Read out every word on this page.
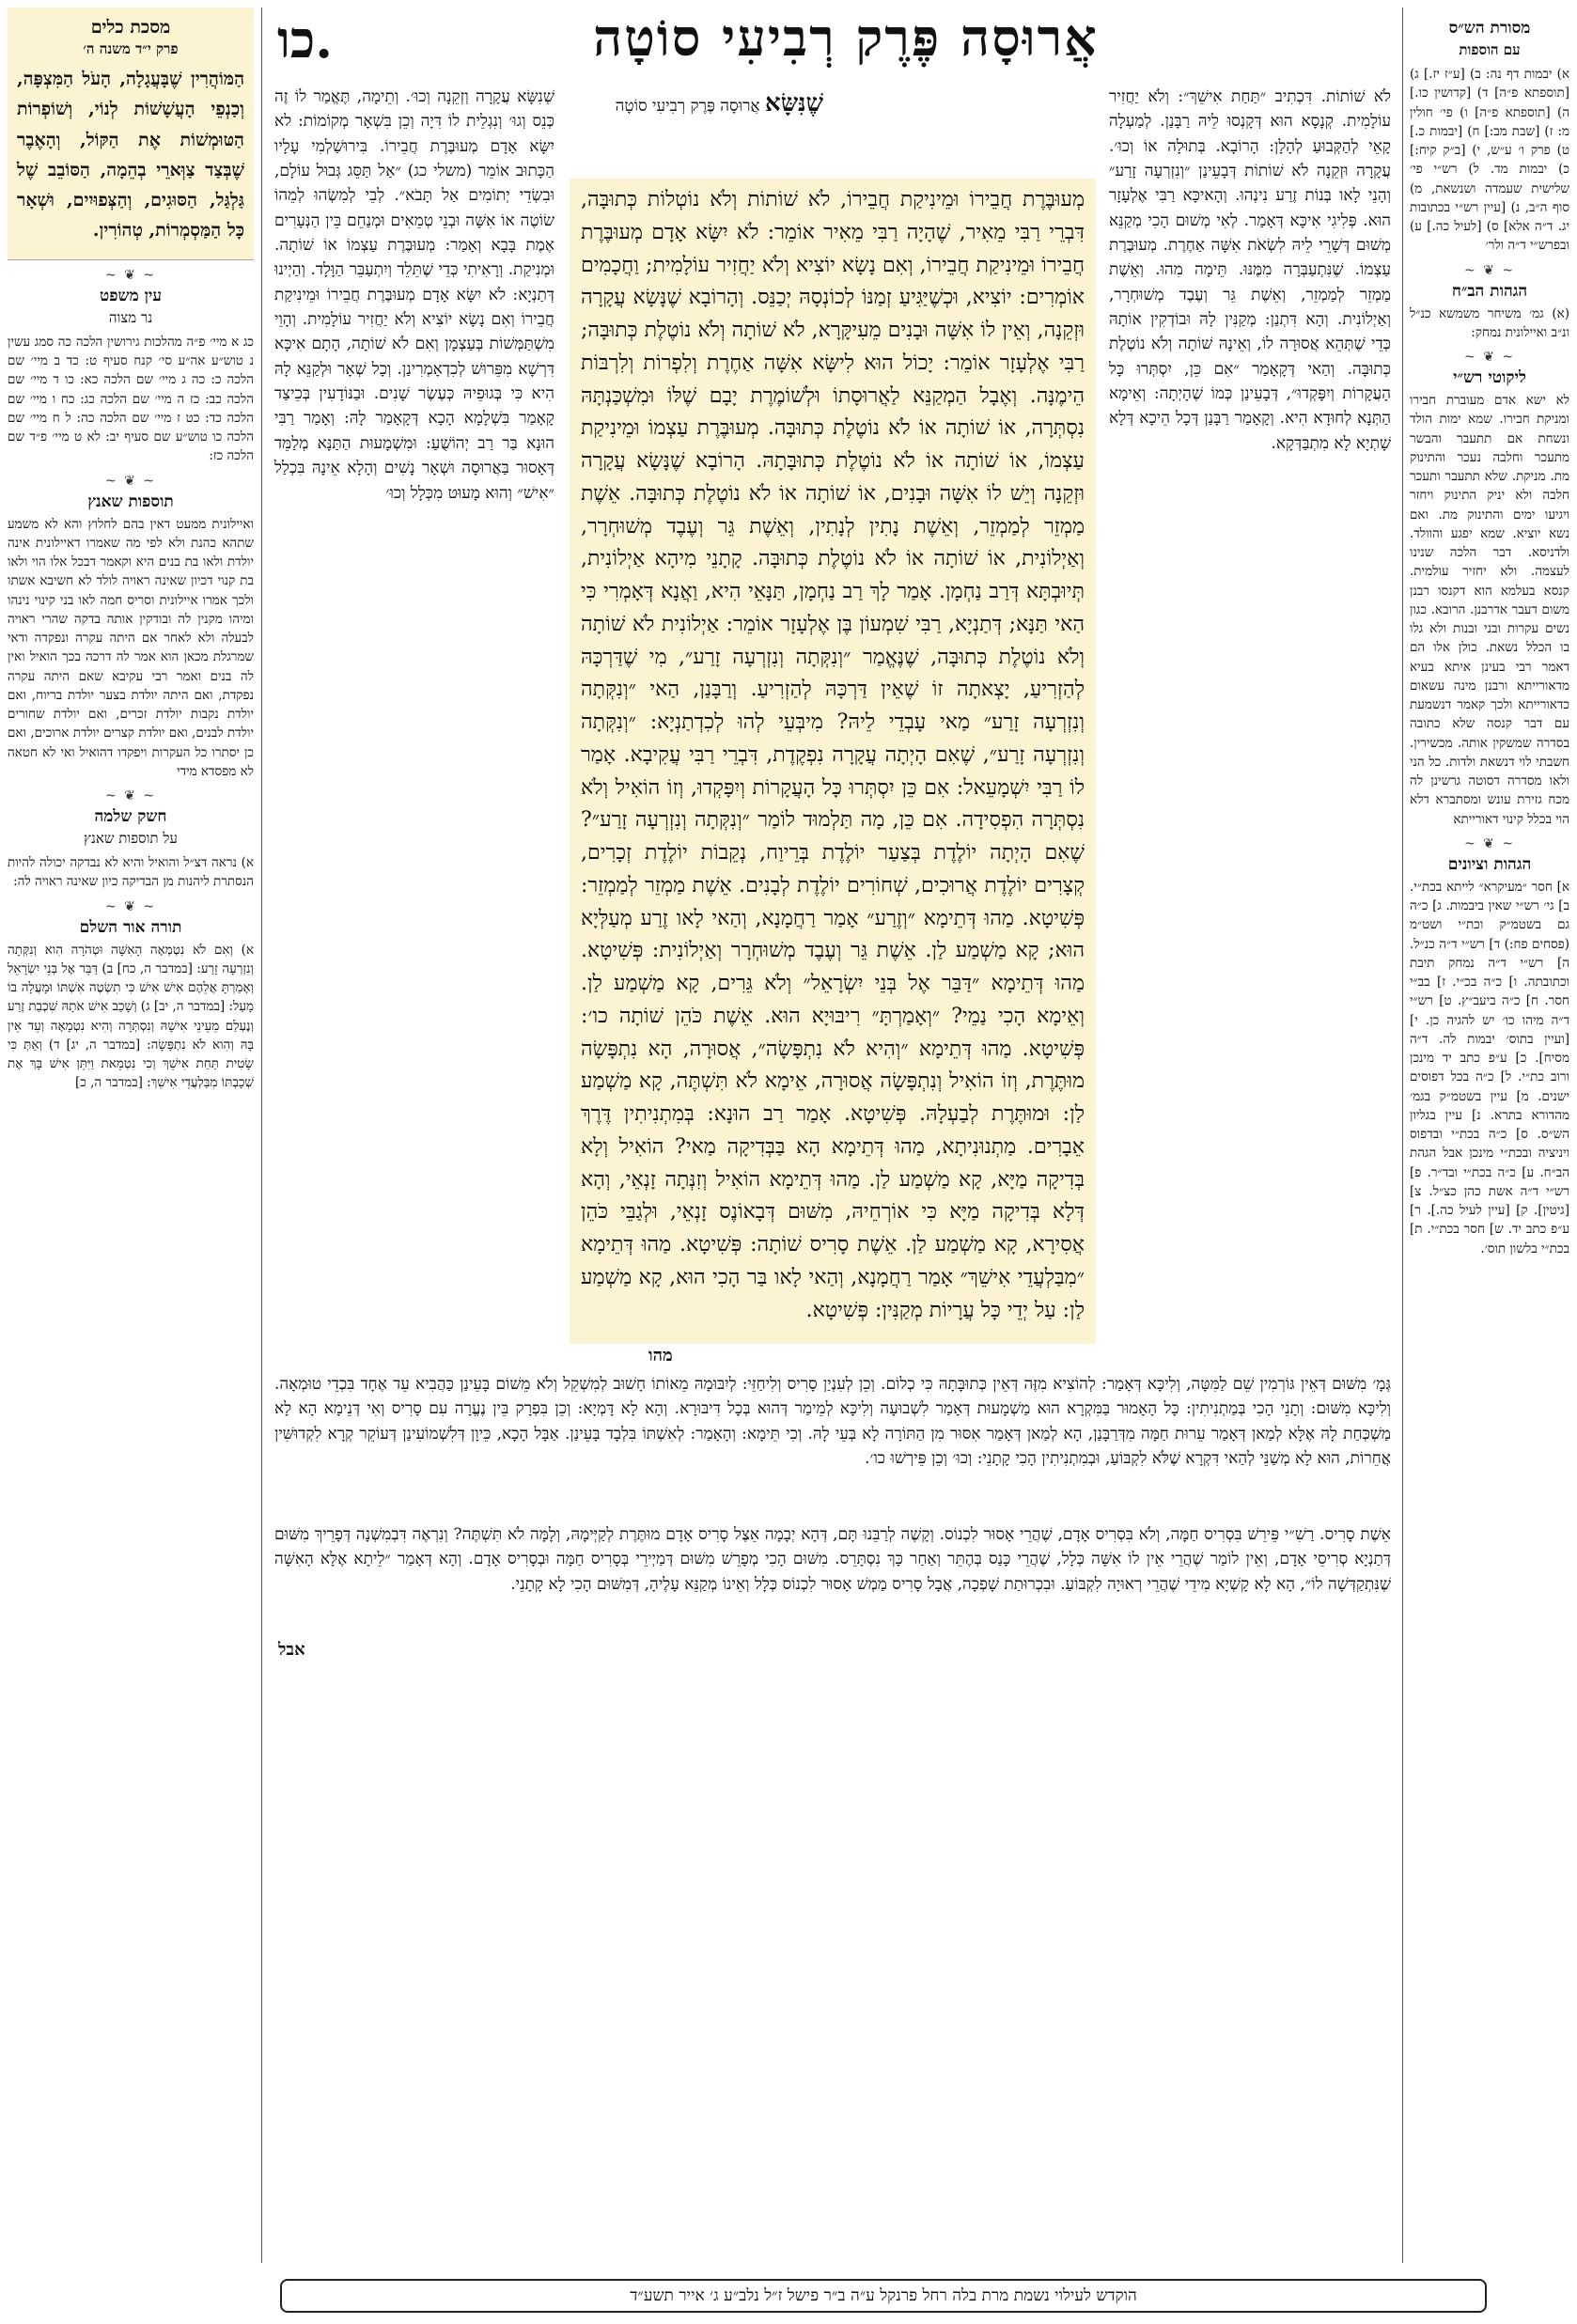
כו.	אֲרוּסָה פֶּרֶק רְבִיעִי סוֹטָה

מסכת כלים

פרק י״ד משנה ה׳

הַמּוֹהֲרִין שֶׁבָּעֲגָלָה, הָעֹל הַמִּצְפָּה, וְכַנְפֵי הָעֲשָׁשׁוֹת לְנוֹי, וְשׁוֹפְרוֹת הַטּוּמְשׁוֹת אֶת הַקּוֹל, וְהָאֶבֶר שֶׁבְּצַד צַוְּארֵי בְהֵמָה, הַסּוֹבֵב שֶׁל גַּלְגַּל, הַסּוּגִים, וְהַצְּפוּיִים, וּשְׁאָר כָּל הַמַּסְמְרוֹת, טְהוֹרִין.
~ ❦ ~

עין משפט

נר מצוה

כג א מיי׳ פ״ה מהלכות גירושין הלכה כה סמג עשין נ טוש״ע אה״ע סי׳ קנח סעיף ט: כד ב מיי׳ שם הלכה כ: כה ג מיי׳ שם הלכה כא: כו ד מיי׳ שם הלכה כב: כז ה מיי׳ שם הלכה כג: כח ו מיי׳ שם הלכה כד: כט ז מיי׳ שם הלכה כה: ל ח מיי׳ שם הלכה כו טוש״ע שם סעיף יב: לא ט מיי׳ פ״ד שם הלכה כז:
~ ❦ ~

תוספות שאנץ

ואיילונית ממעט דאין בהם לחלוץ והא לא משמע שתהא כהנת ולא לפי מה שאמרו דאיילונית אינה יולדת ולאו בת בנים היא וקאמר דבכל אלו הוי ולאו בת קנוי דכיון שאינה ראויה לולד לא חשיבא אשתו ולכך אמרו איילונית וסריס חמה לאו בני קינוי נינהו ומיהו מקנין לה ובודקין אותה בדקה שהרי ראויה לבעלה ולא לאחר אם היתה עקרה ונפקדה ודאי שמרגלת מכאן הוא אמר לה דרכה בכך הואיל ואין לה בנים ואמר רבי עקיבא שאם היתה עקרה נפקדת, ואם היתה יולדת בצער יולדת בריוח, ואם יולדת נקבות יולדת זכרים, ואם יולדת שחורים יולדת לבנים, ואם יולדת קצרים יולדת ארוכים, ואם כן יסתרו כל העקרות ויפקדו דהואיל ואי לא חטאה לא מפסדא מידי
~ ❦ ~

חשק שלמה

על תוספות שאנץ

א) נראה דצ״ל והואיל והיא לא נבדקה יכולה להיות הנסתרת ליהנות מן הבדיקה כיון שאינה ראויה לה:
~ ❦ ~

תורה אור השלם

א) וְאִם לֹא נִטְמְאָה הָאִשָּׁה וּטְהֹרָה הִוא וְנִקְּתָה וְנִזְרְעָה זָרַע: [במדבר ה, כח] ב) דַּבֵּר אֶל בְּנֵי יִשְׂרָאֵל וְאָמַרְתָּ אֲלֵהֶם אִישׁ אִישׁ כִּי תִשְׂטֶה אִשְׁתּוֹ וּמָעֲלָה בוֹ מָעַל: [במדבר ה, יב] ג) וְשָׁכַב אִישׁ אֹתָהּ שִׁכְבַת זֶרַע וְנֶעְלַם מֵעֵינֵי אִישָׁהּ וְנִסְתְּרָה וְהִיא נִטְמָאָה וְעֵד אֵין בָּהּ וְהִוא לֹא נִתְפָּשָׂה: [במדבר ה, יג] ד) וְאַתְּ כִּי שָׂטִית תַּחַת אִישֵׁךְ וְכִי נִטְמֵאת וַיִּתֵּן אִישׁ בָּךְ אֶת שְׁכָבְתּוֹ מִבַּלְעֲדֵי אִישֵׁךְ: [במדבר ה, כ]

מסורת הש״ס

עם הוספות

א) יבמות דף נה: ב) [ע״ז יז.] ג) [תוספתא פ״ה] ד) [קדושין כו.] ה) [תוספתא פ״ה] ו) פי׳ חולין מ: ז) [שבת מב:] ח) [יבמות כ.] ט) פרק ו׳ ע״ש, י) [ב״ק קיח:] כ) יבמות מד. ל) רש״י פי׳ שלישית שעמדה ושנשאת, מ) סוף ה״ב, נ) [עיין רש״י בכתובות יג. ד״ה אלא] ס) [לעיל כה.] ע) ובפרש״י ד״ה ולר׳
~ ❦ ~

הגהות הב״ח

(א) גמ׳ משיחר משמשא כנ״ל ונ״ב ואיילונית נמחק:
~ ❦ ~

ליקוטי רש״י

לא ישא אדם מעוברת חבירו ומניקת חבירו. שמא ימות הולד ונשחת אם תתעבר והבשר מתעכר וחלבה נעכר והתינוק מת. מניקת. שלא תתעבר ותעכר חלבה ולא יניק התינוק ויחזר ויגיעו ימים והתינוק מת. ואם נשא יוציא. שמא יפגע והוולד. ולדניסא. דבר הלכה שנינו לעצמה. ולא יחזיר עולמית. קנסא בעלמא הוא דקנסו רבנן משום דעבר אדרבנן. הרובא. כגון נשים עקרות ובני ובנות ולא גלו בו הכלל נשאת. כולן אלו הם דאמר רבי בעינן איתא בעיא מדאורייתא ורבנן מינה עשאום כדאורייתא ולכך קאמר דנשמעת עם דבר קנסה שלא כתובה בסדרה שמשקין אותה. מכשירין. חשבתי לוי דנשאת ולדות. כל הני ולאו מסדרה דסוטה גרשינן לה מכח גזירת עונש ומסתברא דלא הוי בכלל קינוי דאורייתא
~ ❦ ~

הגהות וציונים

א] חסר ״מעיקרא״ לייתא בכת״י. ב] גי׳ רש״י שאין ביבמות. ג] כ״ה גם בשטמ״ק וכת״י ושט״מ (פסחים פח:) ד] רש״י ד״ה כנ״ל. ה] רש״י ד״ה נמחק תיבת וכתובתה. ו] כ״ה בכ״י. ז] בב״י חסר. ח] כ״ה ביעב״ץ. ט] רש״י ד״ה מיהו כו׳ יש להגיה כן. י] [ועיין בתוס׳ יבמות לה. ד״ה מסיח]. כ] ע״פ כתב יד מינכן ורוב כת״י. ל] כ״ה בכל דפוסים ישנים. מ] עיין בשטמ״ק בגמ׳ מהדורא בתרא. נ] עיין בגליון הש״ס. ס] כ״ה בכת״י ובדפוס ויניציה ובכת״י מינכן אבל הגהת הב״ח. ע] כ״ה בכת״י ובד״ר. פ] רש״י ד״ה אשת כהן כצ״ל. צ] [גיטין]. ק] [עיין לעיל כה.]. ר] ע״פ כתב יד. ש] חסר בכת״י. ת] בכת״י בלשון תוס׳.
שְׁנִשָּׂא עֲקָרָה וְזְקֵנָה וְכוּ׳. וְתֵימָה, תֶּאֱמַר לוֹ זֶה כְּנֵס וְגוּ׳ וְנִגְלֵית לוֹ דִּיָה וְכֵן בִּשְׁאָר מְקוֹמוֹת: לא יִשָּׂא אָדָם מְעוּבֶּרֶת חֲבֵירוֹ. בִּירוּשַׁלְמִי עָלָיו הַכָּתוּב אוֹמֵר (משלי כג) ״אַל תַּסֵּג גְּבוּל עוֹלָם, וּבִשְׂדֵי יְתוֹמִים אַל תָּבֹא״. לְבֵי לְמִשְׂהוּ לְמֵהוֹ שׂוֹטֶה אוֹ אִשָּׁה וּבְנֵי טְמֵאִים וּמְנַחֵם בֵּין הַנְּעָרִים אֶמֶת בָּבָא וְאָמַר: מְעוּבֶּרֶת עַצְמוֹ אוֹ שׁוֹתָה. וּמְנִיקַת. וְרָאִיתִי כְּדֵי שֶׁתֵּלֵד וְיִתְעַבֵּר הַוָּלָד. וְהַיְינוּ דְּתַנְיָא: לֹא יִשָּׂא אָדָם מְעוּבֶּרֶת חֲבֵירוֹ וּמֵינִיקַת חֲבֵירוֹ וְאִם נָשָׂא יוֹצִיא וְלֹא יַחֲזִיר עוֹלָמִית. וְהָוֵי מִשְׁתַּמְּשׁוֹת בְּעַצְמָן וְאִם לֹא שׁוֹתָה, הָתָם אִיכָּא דִּרְשָׁא מִפֵּרוּשׁ לְכִדְאָמְרִינַן. וְכָל שְׁאָר וּלְקַנֵּא לָהּ הִיא כִּי בְּגוּפֵיהּ כְּעֶשֶׂר שָׁנִים. וּבַנּוֹדָעִין בְּכֵיצַד קָאָמַר בִּשְׁלָמָא הָכָא דְּקָאָמַר לָהּ: וְאָמַר רַבִּי הוּנָא בַּר רַב יְהוֹשֻׁעַ: וּמִשְׁמָעוּת הַתַּנָּא מְלַמֵּד דְּאָסוּר בַּאֲרוּסָה וּשְׁאָר נָשִׁים וְהָלָא אֵינָהּ בִּכְלַל ״אִישׁ״ וְהוּא מָעוּט מִכְּלָל וְכוּ׳
לֹא שׁוֹתוֹת. דִּכְתִיב ״תַּחַת אִישֵׁךְ״: וְלֹא יַחֲזִיר עוֹלָמִית. קְנָסָא הוּא דְּקָנְסוּ לֵיהּ רַבָּנַן. לְמַעְלָה קָאֵי לְהַקְּבוּעַ לְהָלָן: הָרוֹבָא. בְּתוּלָה אוֹ וְכוּ׳. עֲקָרָה וּזְקֵנָה לֹא שׁוֹתוֹת דְּבָעֵינַן ״וְנִזְרְעָה זָרַע״ וְהָנֵי לָאו בְּנוֹת זֶרַע נִינְהוּ. וְהָאיכָּא רַבִּי אֶלְעָזָר הוּא. פְּלִיגִי אִיכָּא דְּאָמַר. לְאִי מְשׁוּם הָכִי מְקַנֵּא מְשׁוּם דְּשָׁרֵי לֵיהּ לִשְׂאֹת אִשָּׁה אַחֶרֶת. מְעוּבֶּרֶת עַצְמוֹ. שֶׁנִּתְעַבְּרָה מִמֶּנּוּ. תֵּימָה מִהוּ. וְאֵשֶׁת מַמְזֵר לְמַמְזֵר, וְאֵשֶׁת גֵּר וְעֶבֶד מְשׁוּחְרָר, וְאַיְלוֹנִית. וְהָא דִּתְנַן: מְקַנִּין לָהּ וּבוֹדְקִין אוֹתָהּ כְּדֵי שֶׁתְּהֵא אֲסוּרָה לוֹ, וְאֵינָהּ שׁוֹתָה וְלֹא נוֹטֶלֶת כְּתוּבָּה. וְהַאי דְּקָאָמַר ״אִם כֵּן, יִסְתְּרוּ כָּל הָעֲקָרוֹת וְיִפָּקְדוּ״, דְּבָעֵינַן כְּמוֹ שֶׁהָיְתָה: וְאֵימָא הַתְּנָא לְחוּדָא הִיא. וְקָאָמַר רַבָּנַן דְּכָל הֵיכָא דְּלָא שָׁתְיָא לָא מִתְבַּדְּקָא.
שֶׁנִּשָּׂא אֲרוּסָה פֶּרֶק רְבִיעִי סוֹטָה
מְעוּבֶּרֶת חֲבֵירוֹ וּמֵינִיקַת חֲבֵירוֹ, לֹא שׁוֹתוֹת וְלֹא נוֹטְלוֹת כְּתוּבָּה, דִּבְרֵי רַבִּי מֵאִיר, שֶׁהָיָה רַבִּי מֵאִיר אוֹמֵר: לֹא יִשָּׂא אָדָם מְעוּבֶּרֶת חֲבֵירוֹ וּמֵינִיקַת חֲבֵירוֹ, וְאִם נָשָׂא יוֹצִיא וְלֹא יַחֲזִיר עוֹלָמִית; וַחֲכָמִים אוֹמְרִים: יוֹצִיא, וּכְשֶׁיַּגִּיעַ זְמַנּוֹ לְכוֹנְסָהּ יְכַנֵּס. וְהָרוֹבָא שֶׁנָּשָׂא עֲקָרָה וּזְקֵנָה, וְאֵין לוֹ אִשָּׁה וּבָנִים מֵעִיקָּרָא, לֹא שׁוֹתָה וְלֹא נוֹטֶלֶת כְּתוּבָּה; רַבִּי אֶלְעָזָר אוֹמֵר: יָכוֹל הוּא לִישָּׂא אִשָּׁה אַחֶרֶת וְלִפְרוֹת וְלִרְבּוֹת הֵימֶנָּה. וְאֶבָל הַמְקַנֵּא לַאֲרוּסָתוֹ וּלְשׁוֹמֶרֶת יָבָם שֶׁלּוֹ וּמִשְׁכַּנְתָּהּ נִסְתְּרָה, אוֹ שׁוֹתָה אוֹ לֹא נוֹטֶלֶת כְּתוּבָּה. מְעוּבֶּרֶת עַצְמוֹ וּמֵינִיקַת עַצְמוֹ, אוֹ שׁוֹתָה אוֹ לֹא נוֹטֶלֶת כְּתוּבָּתָהּ. הָרוֹבָא שֶׁנָּשָׂא עֲקָרָה וּזְקֵנָה וְיֵשׁ לוֹ אִשָּׁה וּבָנִים, אוֹ שׁוֹתָה אוֹ לֹא נוֹטֶלֶת כְּתוּבָּה. אֵשֶׁת מַמְזֵר לְמַמְזֵר, וְאֵשֶׁת נָתִין לְנָתִין, וְאֵשֶׁת גֵּר וְעֶבֶד מְשׁוּחְרָר, וְאַיְלוֹנִית, אוֹ שׁוֹתָה אוֹ לֹא נוֹטֶלֶת כְּתוּבָּה. קָתָנֵי מִיהָא אַיְלוֹנִית, תְּיוּבְתָּא דְּרַב נַחְמָן. אָמַר לָךְ רַב נַחְמָן, תַּנָּאֵי הִיא, וַאֲנָא דְּאָמְרִי כִּי הַאי תַּנָּא; דְּתַנְיָא, רַבִּי שִׁמְעוֹן בֶּן אֶלְעָזָר אוֹמֵר: אַיְלוֹנִית לֹא שׁוֹתָה וְלֹא נוֹטֶלֶת כְּתוּבָּה, שֶׁנֶּאֱמַר ״וְנִקְּתָה וְנִזְרְעָה זָרַע״, מִי שֶׁדַּרְכָּהּ לְהַזְרִיעַ, יָצְאתָה זוֹ שֶׁאֵין דַּרְכָּהּ לְהַזְרִיעַ. וְרַבָּנַן, הַאי ״וְנִקְּתָה וְנִזְרְעָה זָרַע״ מַאי עָבְדֵי לֵיהּ? מִיבְּעֵי לְהוּ לְכִדְתַנְיָא: ״וְנִקְּתָה וְנִזְרְעָה זָרַע״, שֶׁאִם הָיְתָה עֲקָרָה נִפְקֶדֶת, דִּבְרֵי רַבִּי עֲקִיבָא. אָמַר לוֹ רַבִּי יִשְׁמָעֵאל: אִם כֵּן יִסְתְּרוּ כָּל הָעֲקָרוֹת וְיִפָּקְדוּ, וְזוֹ הוֹאִיל וְלֹא נִסְתְּרָה הִפְסִידָה. אִם כֵּן, מָה תַּלְמוּד לוֹמַר ״וְנִקְּתָה וְנִזְרְעָה זָרַע״? שֶׁאִם הָיְתָה יוֹלֶדֶת בְּצַעַר יוֹלֶדֶת בְּרֵיוַח, נְקֵבוֹת יוֹלֶדֶת זְכָרִים, קְצָרִים יוֹלֶדֶת אֲרוּכִים, שְׁחוֹרִים יוֹלֶדֶת לְבָנִים. אֵשֶׁת מַמְזֵר לְמַמְזֵר: פְּשִׁיטָא. מַהוּ דְּתֵימָא ״וְזֶרַע״ אָמַר רַחֲמָנָא, וְהַאי לָאו זֶרַע מְעַלְּיָא הוּא; קָא מַשְׁמַע לַן. אֵשֶׁת גֵּר וְעֶבֶד מְשׁוּחְרָר וְאַיְלוֹנִית: פְּשִׁיטָא. מַהוּ דְּתֵימָא ״דַּבֵּר אֶל בְּנֵי יִשְׂרָאֵל״ וְלֹא גֵּרִים, קָא מַשְׁמַע לַן. וְאֵימָא הָכִי נַמֵי? ״וְאָמַרְתָּ״ רִיבּוּיָא הוּא. אֵשֶׁת כֹּהֵן שׁוֹתָה כו׳: פְּשִׁיטָא. מַהוּ דְּתֵימָא ״וְהִיא לֹא נִתְפָּשָׂה״, אֲסוּרָה, הָא נִתְפָּשָׂה מוּתֶּרֶת, וְזוֹ הוֹאִיל וְנִתְפָּשָׂה אֲסוּרָה, אֵימָא לֹא תִּשְׁתֶּה, קָא מַשְׁמַע לַן: וּמוּתֶּרֶת לְבַעְלָהּ. פְּשִׁיטָא. אָמַר רַב הוּנָא: בְּמִתְנִיתִין דֶּרֶךְ אֵבָרִים. מַתְנוּנִיתָא, מַהוּ דְּתֵימָא הָא בַּבְּדִיקָה מַאי? הוֹאִיל וְלָא בְּדִיקָה מַיָּא, קָא מַשְׁמַע לַן. מַהוּ דְּתֵימָא הוֹאִיל וְזִנְּתָה זָנְאֵי, וְהָא דְּלָא בְּדִיקָה מַיָּא כִּי אוֹרְחֵיהּ, מִשּׁוּם דְּבָאוֹנֶס זָנְאֵי, וּלְגַבֵּי כֹּהֵן אֲסִירָא, קָא מַשְׁמַע לַן. אֵשֶׁת סָרִיס שׁוֹתָה: פְּשִׁיטָא. מַהוּ דְּתֵימָא ״מִבַּלְעֲדֵי אִישֵׁךְ״ אָמַר רַחֲמָנָא, וְהַאי לָאו בַּר הָכִי הוּא, קָא מַשְׁמַע לַן: עַל יְדֵי כָּל עֲרָיוֹת מְקַנִּין: פְּשִׁיטָא.
מהו
גְּמָ׳ מִשּׁוּם דְּאֵין גּוֹרְמִין שֵׁם לַמִּטָּה, וְלִיכָּא דְּאָמַר: לְהוֹצִיא מִזֶּה דְּאֵין כְּתוּבָּתָהּ כִּי כְלוֹם. וְכֵן לְעִנְיַן סָרִיס וְלִיחַזֵּי: לְיִבּוּמָהּ מֵאוֹתוֹ חָשׁוּב לְמִשְׁקֵל וְלֹא מֵשׁוֹם בָּעֵינַן כַּהֲבִיא עֵד אֶחָד בִּכְדֵי טוּמְאָה. וְלִיכָּא מִשּׁוּם: וְתָנֵי הָכִי בְּמַתְנִיתִין: כָּל הָאָמוּר בַּמִּקְרָא הוּא מַשְׁמָעוּת דְּאָמַר לִשְׁבוּעָה וְלִיכָּא לְמֵימַר דְּהוּא בְּכָל דִּיבּוּרָא. וְהָא לָא דָּמְיָא: וְכֵן בִּפְרָק בֵּין נֶעֱרָה עִם סָרִיס וְאִי דְּנֵימָא הָא לָא מַשְׁכְּחַת לָהּ אֶלָּא לְמַאן דְּאָמַר עֵרוּת חַמָּה מִדְּרַבָּנַן, הָא לְמַאן דְּאָמַר אִסּוּר מִן הַתּוֹרָה לָא בְּעֵי לָהּ. וְכִי תֵּימָא: וְהָאָמַר: לְאִשְׁתּוֹ בִּלְבָד בָּעֵינַן. אַבָּל הָכָא, כֵּיוָן דְּלִשְׁמוֹעִינַן דְּעוֹקֵר קְרָא לִקְדוּשִּׁין אֲחֵרוֹת, הוּא לָא מְשַׁנֵּי לְהַאי דִּקְרָא שֶׁלֹּא לִקְבּוֹעַ, וּבְמִתְנִיתִין הָכִי קָתָנֵי: וְכוּ׳ וְכֵן פֵּירְשׁוּ כו׳.
אֵשֶׁת סָרִיס. רַשִׁ״י פֵּירֵשׁ בִּסְרִיס חַמָּה, וְלֹא בִּסְרִיס אָדָם, שֶׁהֲרֵי אָסוּר לִכְנוֹס. וְקָשֶׁה לְרַבֵּנוּ תָּם, דְּהָא יְבָמָה אֵצֶל סָרִיס אָדָם מוּתֶּרֶת לְקַיְּימָהּ, וְלָמָּה לֹא תִּשְׁתֶּה? וְנִרְאֶה דִּבְמִשְׁנָה דְּפָרֵיךְ מִשּׁוּם דְּתַנְיָא סְרִיסֵי אָדָם, וְאֵין לוֹמַר שֶׁהֲרֵי אֵין לוֹ אִשָּׁה כְּלָל, שֶׁהֲרֵי כָּנַס בְּהֶתֵּר וְאַחַר כָּךְ נִסְתָּרֵס. מִשּׁוּם הָכִי מְפָרֵשׁ מִשּׁוּם דְּמַיְירֵי בְּסָרִיס חַמָּה וּבְסָרִיס אָדָם. וְהָא דְּאָמַר ״לֵיתָא אֶלָּא הָאִשָּׁה שֶׁנִּתְקַדְּשָׁה לוֹ״, הָא לָא קָשְׁיָא מִידֵי שֶׁהֲרֵי רְאוּיָה לִקְבּוֹעַ. וּבִכְרוּתַת שָׁפְכָה, אֲבָל סָרִיס מַמְשׁ אָסוּר לִכְנוֹס כְּלָל וְאֵינוֹ מְקַנֵּא עָלֶיהָ, דְּמִשּׁוּם הָכִי לָא קָתָנֵי.
אבל
הוקדש לעילוי נשמת מרת בלה רחל פרנקל ע״ה ב״ר פישל ז״ל נלב״ע ג׳ אייר תשע״ד
